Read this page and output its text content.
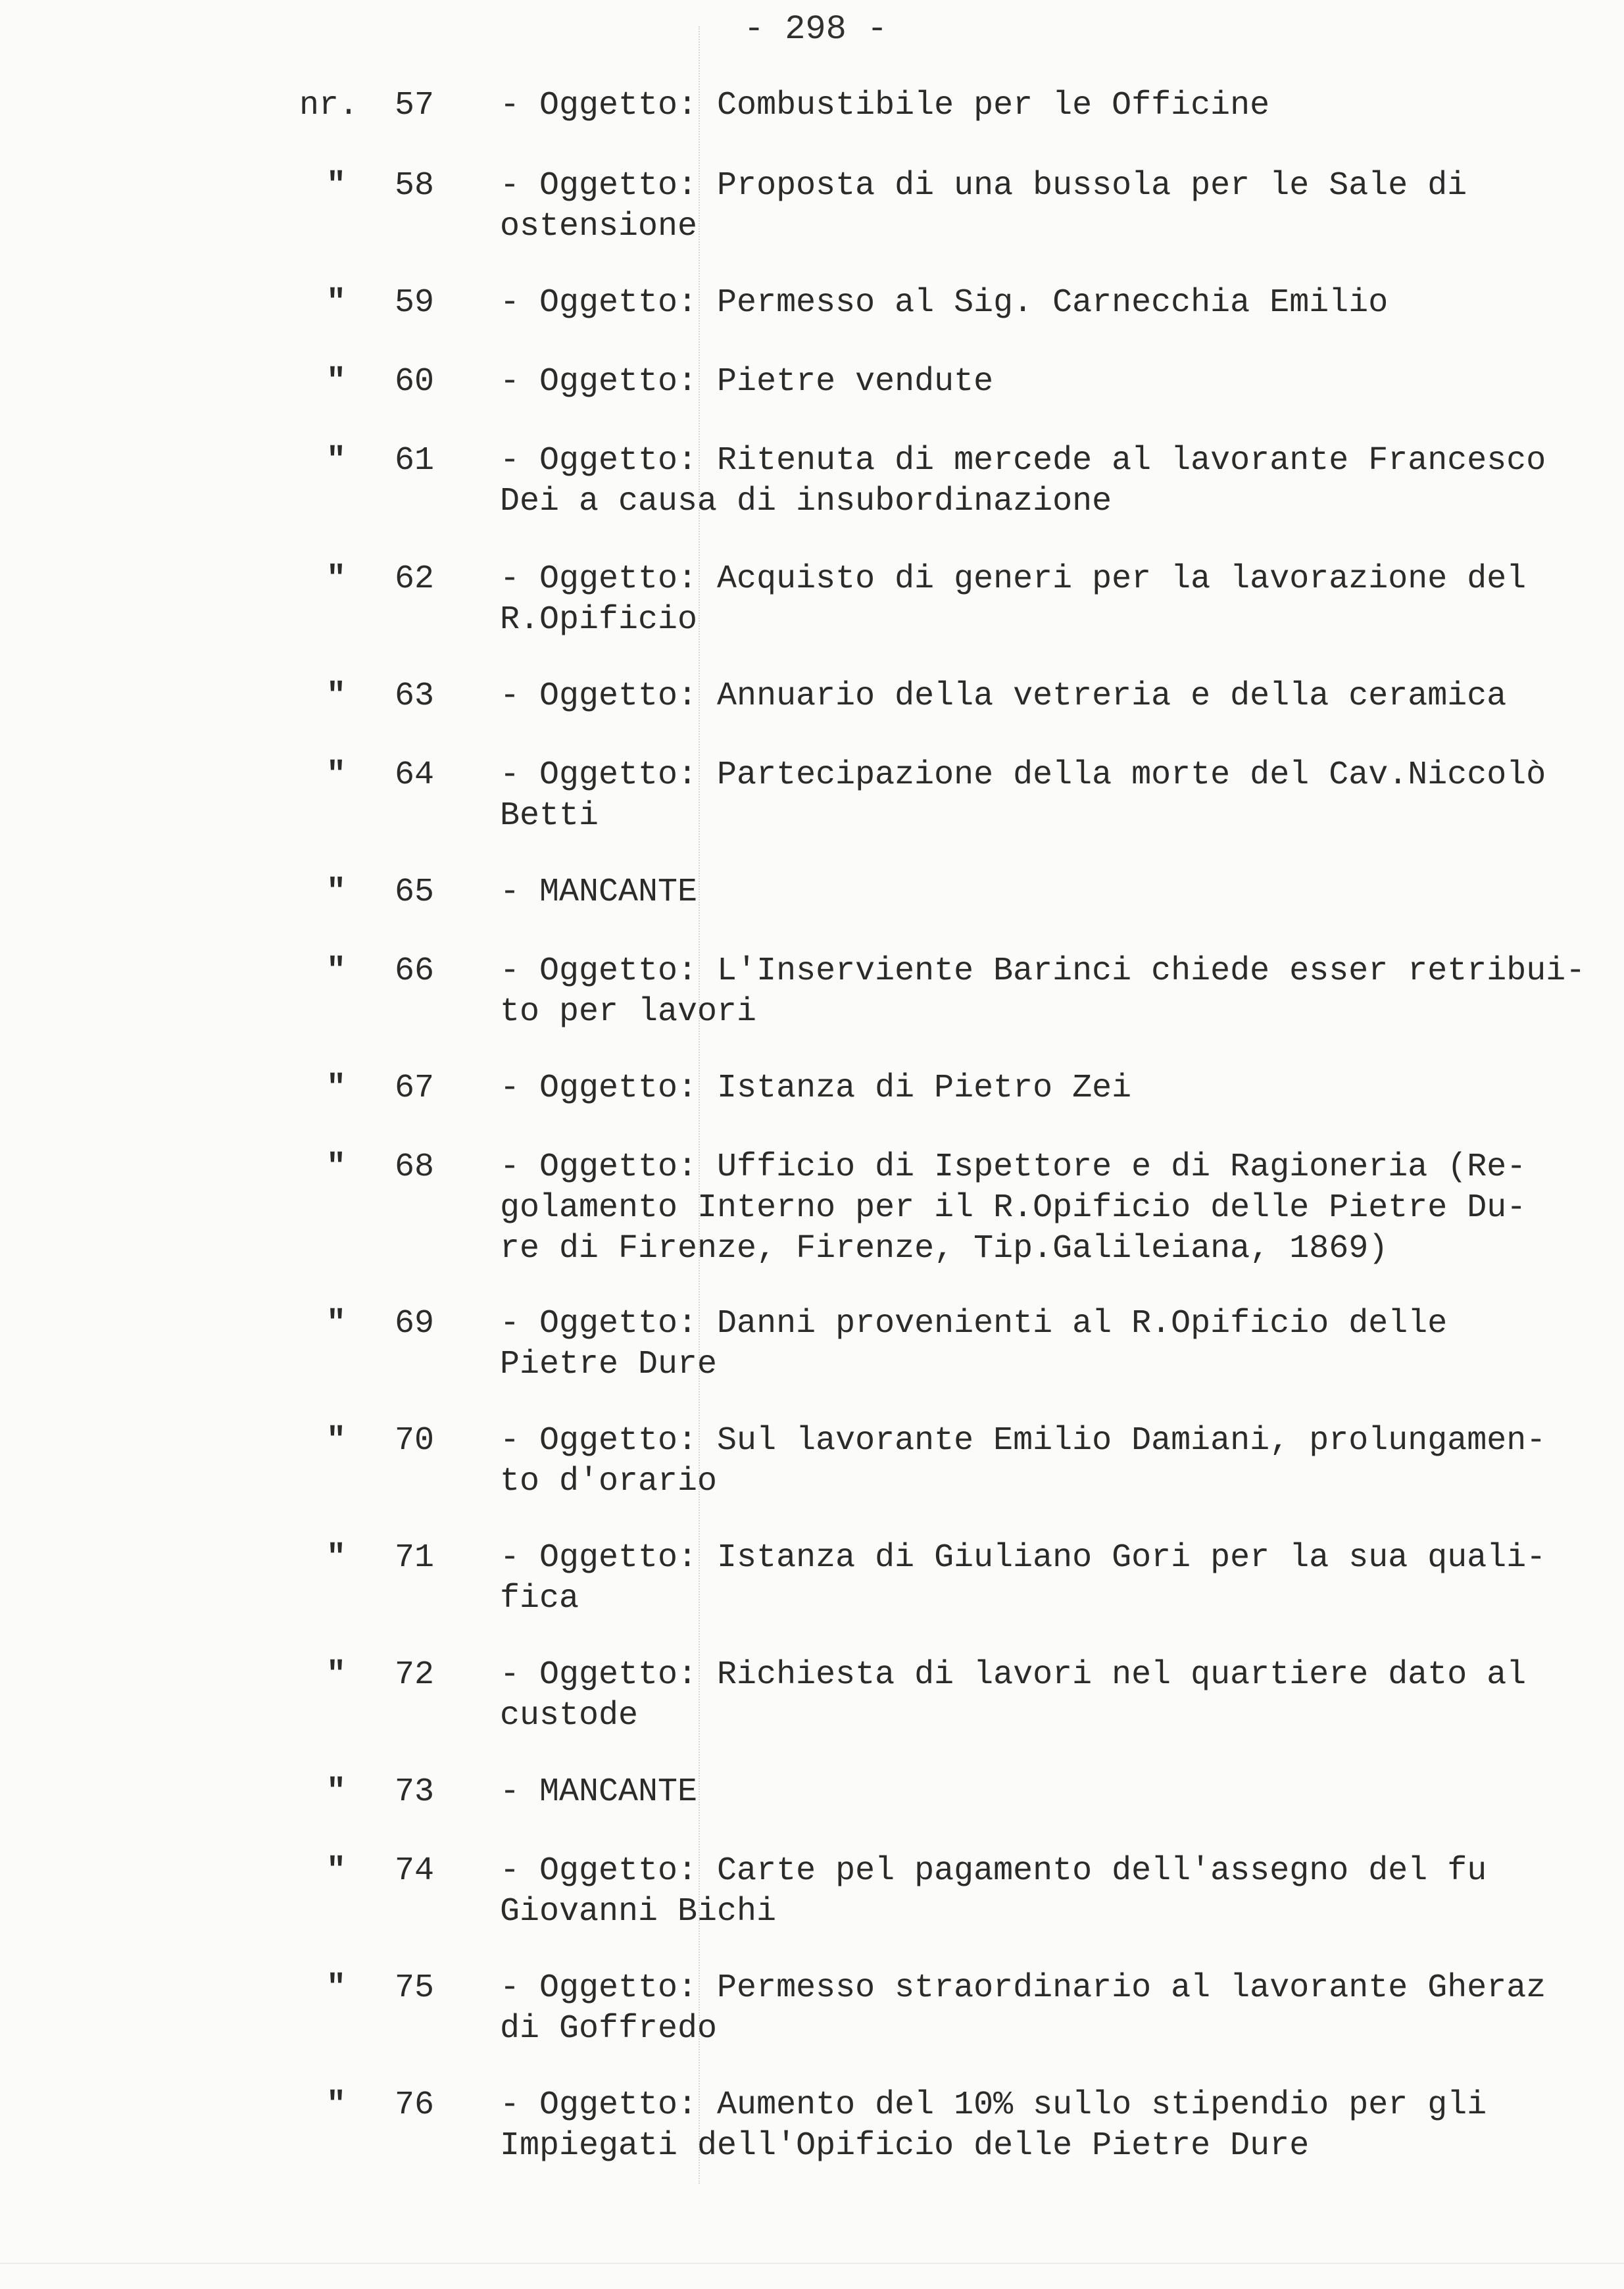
- 298 -
nr.	57	- Oggetto: Combustibile per le Officine
"	58	- Oggetto: Proposta di una bussola per le Sale di
ostensione
"	59	- Oggetto: Permesso al Sig. Carnecchia Emilio
"	60	- Oggetto: Pietre vendute
"	61	- Oggetto: Ritenuta di mercede al lavorante Francesco
Dei a causa di insubordinazione
"	62	- Oggetto: Acquisto di generi per la lavorazione del
R.Opificio
"	63	- Oggetto: Annuario della vetreria e della ceramica
"	64	- Oggetto: Partecipazione della morte del Cav.Niccolò
Betti
"	65	- MANCANTE
"	66	- Oggetto: L'Inserviente Barinci chiede esser retribui-
to per lavori
"	67	- Oggetto: Istanza di Pietro Zei
"	68	- Oggetto: Ufficio di Ispettore e di Ragioneria (Re-
golamento Interno per il R.Opificio delle Pietre Du-
re di Firenze, Firenze, Tip.Galileiana, 1869)
"	69	- Oggetto: Danni provenienti al R.Opificio delle
Pietre Dure
"	70	- Oggetto: Sul lavorante Emilio Damiani, prolungamen-
to d'orario
"	71	- Oggetto: Istanza di Giuliano Gori per la sua quali-
fica
"	72	- Oggetto: Richiesta di lavori nel quartiere dato al
custode
"	73	- MANCANTE
"	74	- Oggetto: Carte pel pagamento dell'assegno del fu
Giovanni Bichi
"	75	- Oggetto: Permesso straordinario al lavorante Gheraz
di Goffredo
"	76	- Oggetto: Aumento del 10% sullo stipendio per gli
Impiegati dell'Opificio delle Pietre Dure
